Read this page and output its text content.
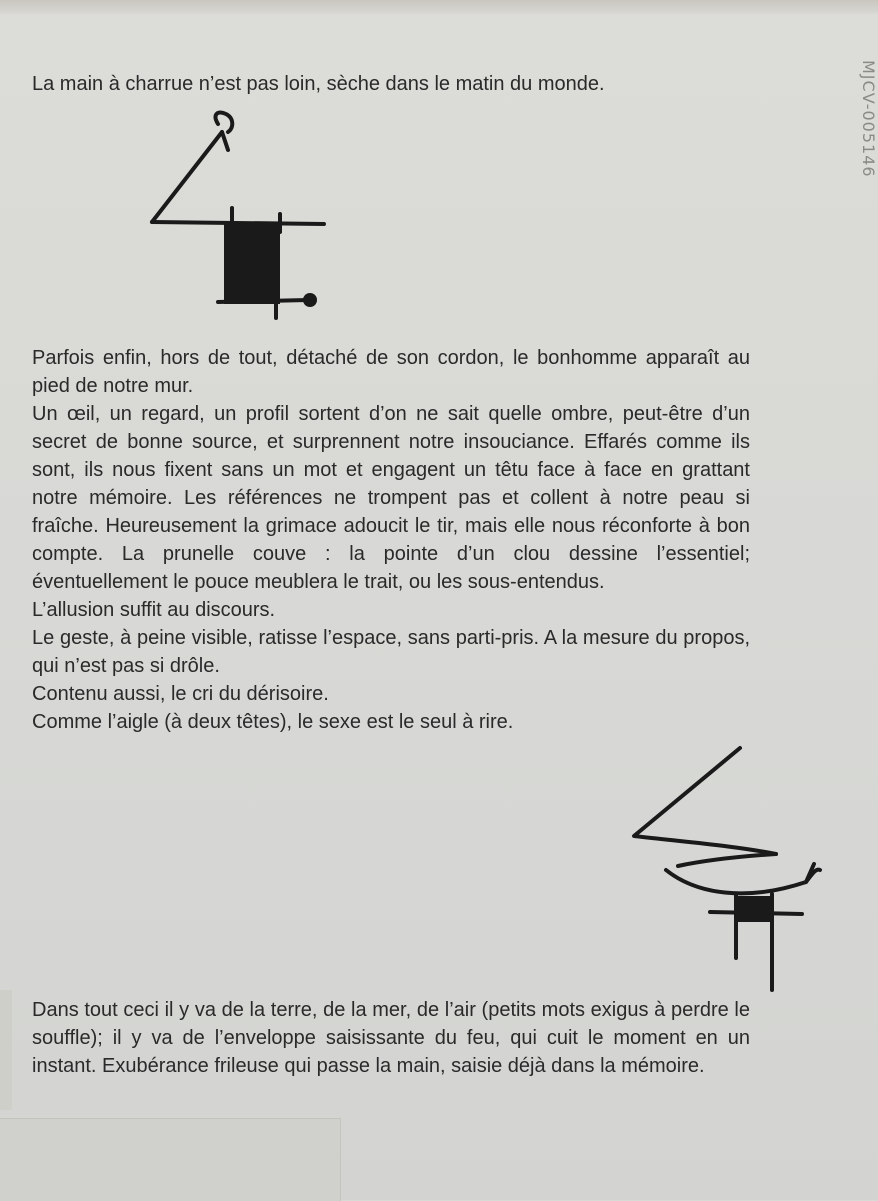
MJCV-005146

La main à charrue n’est pas loin, sèche dans le matin du monde.

Parfois enfin, hors de tout, détaché de son cordon, le bonhomme apparaît au pied de notre mur.

Un œil, un regard, un profil sortent d’on ne sait quelle ombre, peut-être d’un secret de bonne source, et surprennent notre insouciance. Effarés comme ils sont, ils nous fixent sans un mot et engagent un têtu face à face en grattant notre mémoire. Les références ne trompent pas et collent à notre peau si fraîche. Heureusement la grimace adoucit le tir, mais elle nous réconforte à bon compte. La prunelle couve : la pointe d’un clou dessine l’essentiel; éventuellement le pouce meublera le trait, ou les sous-entendus.

L’allusion suffit au discours.

Le geste, à peine visible, ratisse l’espace, sans parti-pris. A la mesure du propos, qui n’est pas si drôle.

Contenu aussi, le cri du dérisoire.

Comme l’aigle (à deux têtes), le sexe est le seul à rire.

Dans tout ceci il y va de la terre, de la mer, de l’air (petits mots exigus à perdre le souffle); il y va de l’enveloppe saisissante du feu, qui cuit le moment en un instant. Exubérance frileuse qui passe la main, saisie déjà dans la mémoire.
